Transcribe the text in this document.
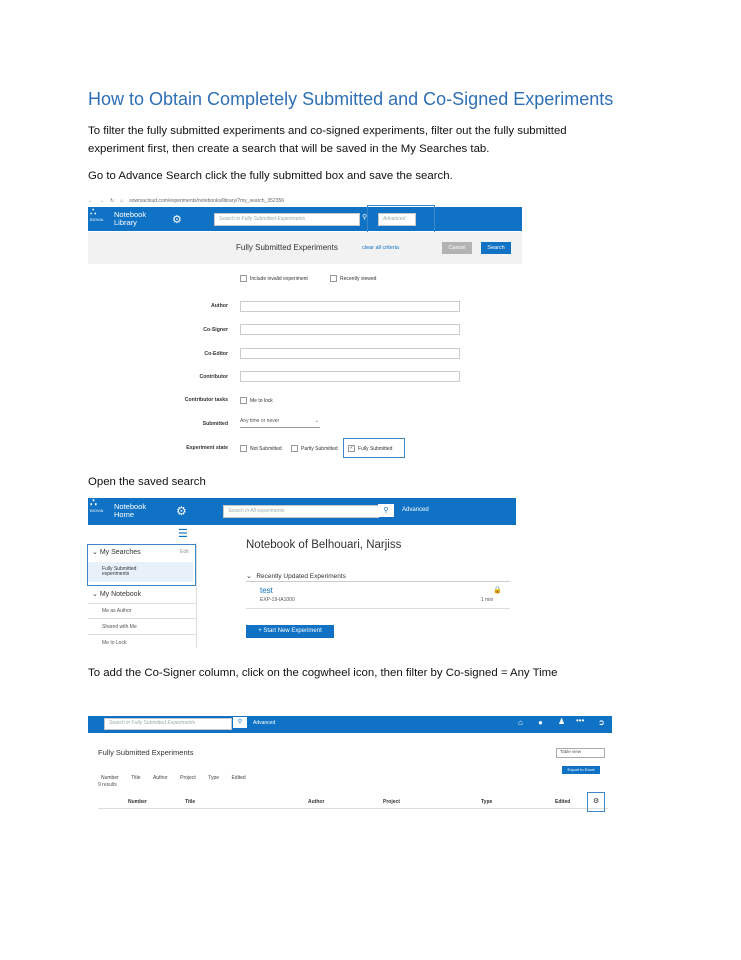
How to Obtain Completely Submitted and Co-Signed Experiments
To filter the fully submitted experiments and co-signed experiments, filter out the fully submitted
experiment first, then create a search that will be saved in the My Searches tab.
Go to Advance Search click the fully submitted box and save the search.
← → ↻ ⌂ sowrsacloud.com/experiments/notebooks/library/?my_search_352356
∴
BIOVIA
Notebook
Library	⚙	Search in Fully Submitted Experiments	⚲	Advanced
Fully Submitted Experiments	clear all criteria	Cancel	Search
Include invalid experiment	Recently viewed
Author
Co-Signer
Co-Editor
Contributor
Contributor tasks	Me to lock
Submitted Any time or never	⌄
Experiment state	Not Submitted	Partly Submitted ✓ Fully Submitted
Open the saved search
∴
BIOVIA	Notebook
Home	⚙	Search in All experiments	⚲	Advanced
☰
⌄ My Searches	Edit
Fully Submitted
experiments
⌄ My Notebook
Me as Author
Shared with Me
Me to Lock
Notebook of Belhouari, Narjiss
⌄ Recently Updated Experiments
test
EXP-19-IA1000
🔒
1 min
+ Start New Experiment
To add the Co-Signer column, click on the cogwheel icon, then filter by Co-signed = Any Time
Search in Fully Submitted Experiments	⚲	Advanced	⌂ ● ♟ ••• ➲
Fully Submitted Experiments	Table view
Number Title Author Project Type Edited
Export to Excel
9 results
Number	Title	Author	Project	Type	Edited	⚙
